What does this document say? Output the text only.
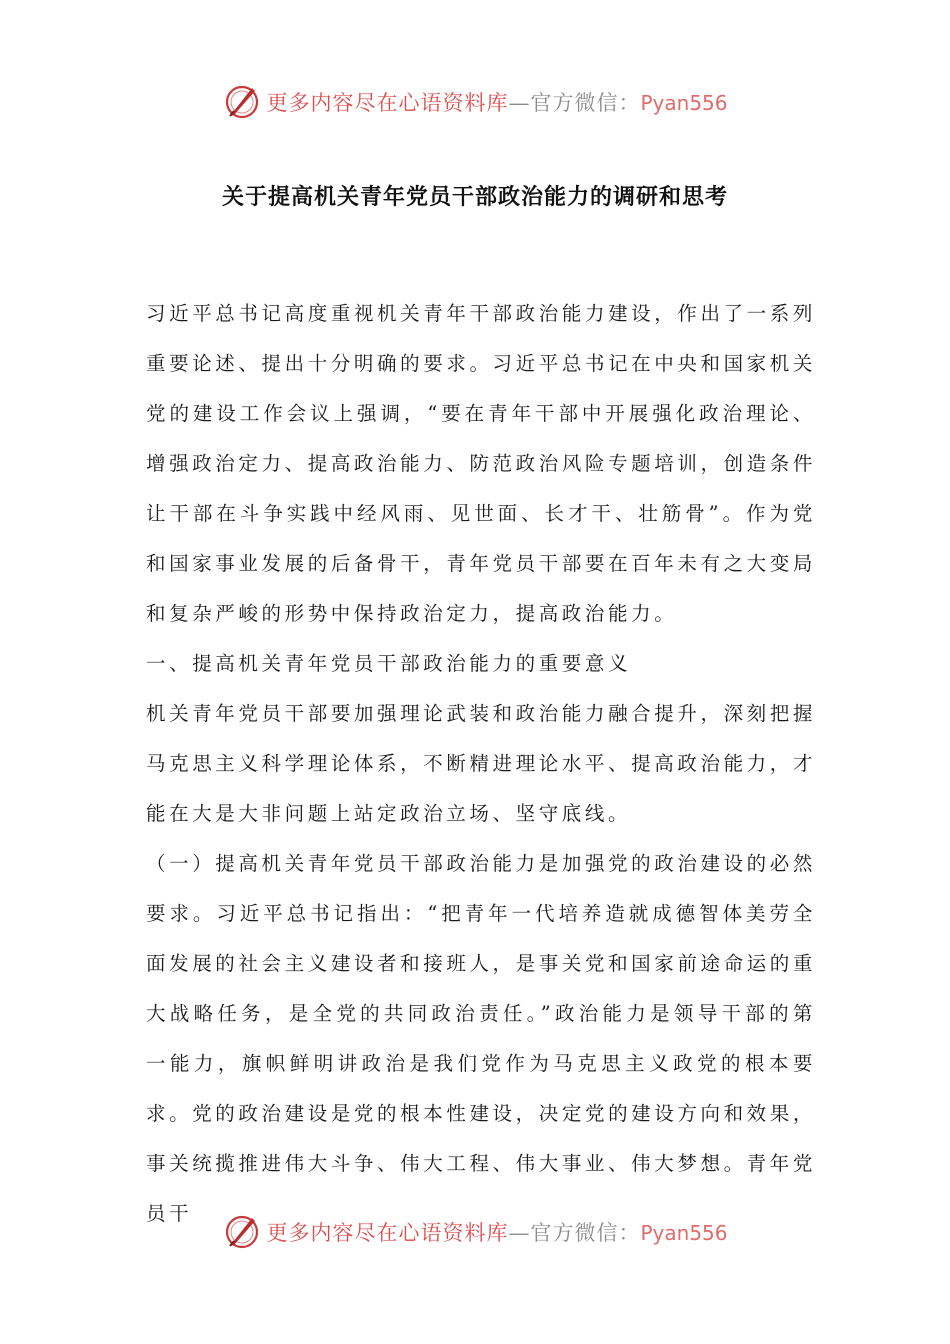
更多内容尽在心语资料库—官方微信：Pyan556
关于提高机关青年党员干部政治能力的调研和思考

习近平总书记高度重视机关青年干部政治能力建设，作出了一系列重要论述、提出十分明确的要求。习近平总书记在中央和国家机关党的建设工作会议上强调，“要在青年干部中开展强化政治理论、增强政治定力、提高政治能力、防范政治风险专题培训，创造条件让干部在斗争实践中经风雨、见世面、长才干、壮筋骨”。作为党和国家事业发展的后备骨干，青年党员干部要在百年未有之大变局和复杂严峻的形势中保持政治定力，提高政治能力。

一、提高机关青年党员干部政治能力的重要意义

机关青年党员干部要加强理论武装和政治能力融合提升，深刻把握马克思主义科学理论体系，不断精进理论水平、提高政治能力，才能在大是大非问题上站定政治立场、坚守底线。

（一）提高机关青年党员干部政治能力是加强党的政治建设的必然要求。习近平总书记指出：“把青年一代培养造就成德智体美劳全面发展的社会主义建设者和接班人，是事关党和国家前途命运的重大战略任务，是全党的共同政治责任。”政治能力是领导干部的第一能力，旗帜鲜明讲政治是我们党作为马克思主义政党的根本要求。党的政治建设是党的根本性建设，决定党的建设方向和效果，事关统揽推进伟大斗争、伟大工程、伟大事业、伟大梦想。青年党员干

更多内容尽在心语资料库—官方微信：Pyan556
